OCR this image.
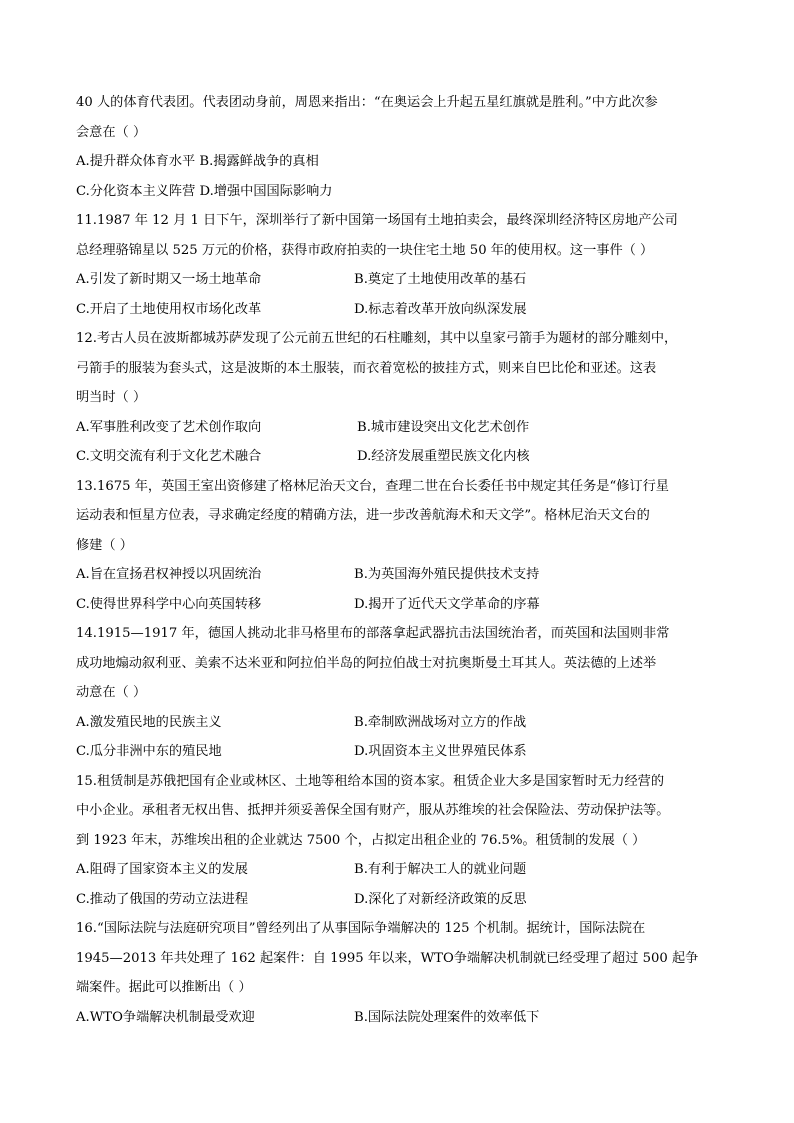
40 人的体育代表团。代表团动身前，周恩来指出：“在奥运会上升起五星红旗就是胜利。”中方此次参
会意在（ ）
A.提升群众体育水平 B.揭露鲜战争的真相
C.分化资本主义阵营 D.增强中国国际影响力
11.1987 年 12 月 1 日下午，深圳举行了新中国第一场国有土地拍卖会，最终深圳经济特区房地产公司
总经理骆锦星以 525 万元的价格，获得市政府拍卖的一块住宅土地 50 年的使用权。这一事件（ ）
A.引发了新时期又一场土地革命	B.奠定了土地使用改革的基石
C.开启了土地使用权市场化改革	D.标志着改革开放向纵深发展
12.考古人员在波斯都城苏萨发现了公元前五世纪的石柱雕刻，其中以皇家弓箭手为题材的部分雕刻中，
弓箭手的服装为套头式，这是波斯的本土服装，而衣着宽松的披挂方式，则来自巴比伦和亚述。这表
明当时（ ）
A.军事胜利改变了艺术创作取向	B.城市建设突出文化艺术创作
C.文明交流有利于文化艺术融合	D.经济发展重塑民族文化内核
13.1675 年，英国王室出资修建了格林尼治天文台，查理二世在台长委任书中规定其任务是“修订行星
运动表和恒星方位表，寻求确定经度的精确方法，进一步改善航海术和天文学”。格林尼治天文台的
修建（ ）
A.旨在宣扬君权神授以巩固统治	B.为英国海外殖民提供技术支持
C.使得世界科学中心向英国转移	D.揭开了近代天文学革命的序幕
14.1915—1917 年，德国人挑动北非马格里布的部落拿起武器抗击法国统治者，而英国和法国则非常
成功地煽动叙利亚、美索不达米亚和阿拉伯半岛的阿拉伯战士对抗奥斯曼土耳其人。英法德的上述举
动意在（ ）
A.激发殖民地的民族主义	B.牵制欧洲战场对立方的作战
C.瓜分非洲中东的殖民地	D.巩固资本主义世界殖民体系
15.租赁制是苏俄把国有企业或林区、土地等租给本国的资本家。租赁企业大多是国家暂时无力经营的
中小企业。承租者无权出售、抵押并须妥善保全国有财产，服从苏维埃的社会保险法、劳动保护法等。
到 1923 年末，苏维埃出租的企业就达 7500 个，占拟定出租企业的 76.5%。租赁制的发展（ ）
A.阻碍了国家资本主义的发展	B.有利于解决工人的就业问题
C.推动了俄国的劳动立法进程	D.深化了对新经济政策的反思
16.“国际法院与法庭研究项目”曾经列出了从事国际争端解决的 125 个机制。据统计，国际法院在
1945—2013 年共处理了 162 起案件：自 1995 年以来，WTO争端解决机制就已经受理了超过 500 起争
端案件。据此可以推断出（ ）
A.WTO争端解决机制最受欢迎	B.国际法院处理案件的效率低下
